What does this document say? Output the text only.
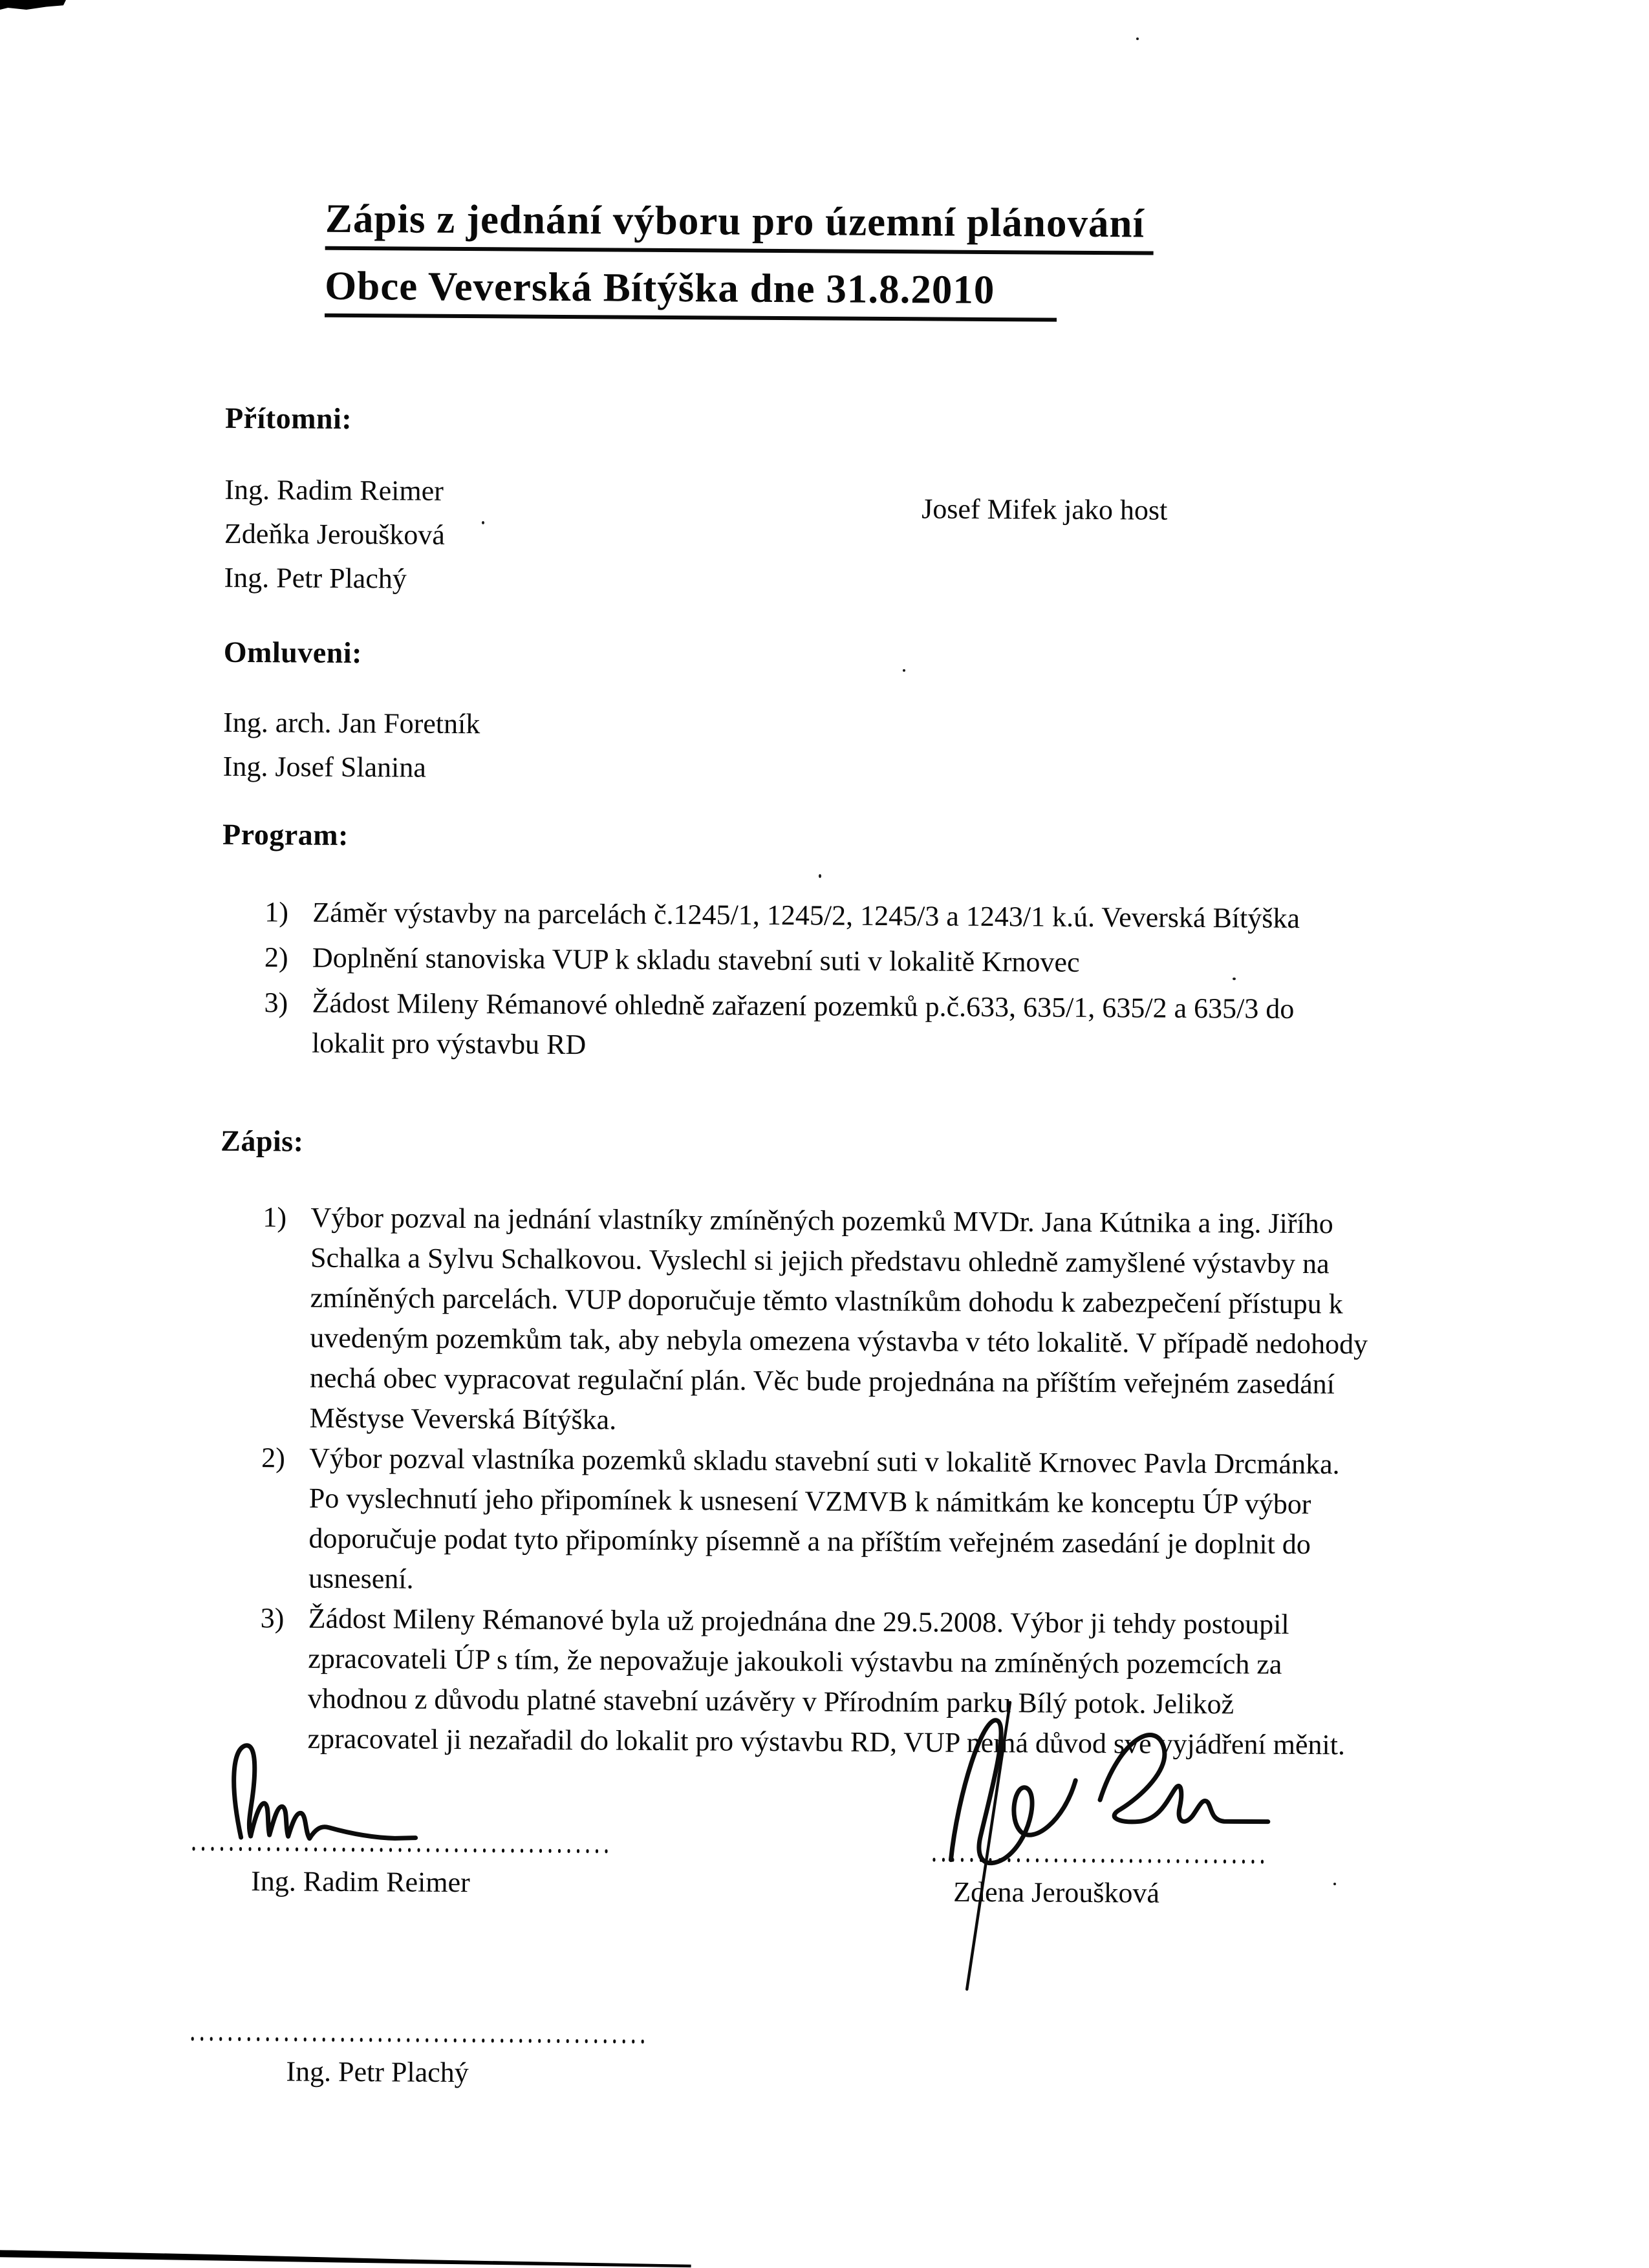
Zápis z jednání výboru pro územní plánování
Obce Veverská Bítýška dne 31.8.2010
Přítomni:
Ing. Radim Reimer
Zdeňka Jeroušková
Ing. Petr Plachý
Josef Mifek jako host
Omluveni:
Ing. arch. Jan Foretník
Ing. Josef Slanina
Program:
1) Záměr výstavby na parcelách č.1245/1, 1245/2, 1245/3 a 1243/1 k.ú. Veverská Bítýška
2) Doplnění stanoviska VUP k skladu stavební suti v lokalitě Krnovec
3) Žádost Mileny Rémanové ohledně zařazení pozemků p.č.633, 635/1, 635/2 a 635/3 do lokalit pro výstavbu RD
Zápis:
1) Výbor pozval na jednání vlastníky zmíněných pozemků MVDr. Jana Kútnika a ing. Jiřího Schalka a Sylvu Schalkovou. Vyslechl si jejich představu ohledně zamyšlené výstavby na zmíněných parcelách. VUP doporučuje těmto vlastníkům dohodu k zabezpečení přístupu k uvedeným pozemkům tak, aby nebyla omezena výstavba v této lokalitě. V případě nedohody nechá obec vypracovat regulační plán. Věc bude projednána na příštím veřejném zasedání Městyse Veverská Bítýška.
2) Výbor pozval vlastníka pozemků skladu stavební suti v lokalitě Krnovec Pavla Drcmánka. Po vyslechnutí jeho připomínek k usnesení VZMVB k námitkám ke konceptu ÚP výbor doporučuje podat tyto připomínky písemně a na příštím veřejném zasedání je doplnit do usnesení.
3) Žádost Mileny Rémanové byla už projednána dne 29.5.2008. Výbor ji tehdy postoupil zpracovateli ÚP s tím, že nepovažuje jakoukoli výstavbu na zmíněných pozemcích za vhodnou z důvodu platné stavební uzávěry v Přírodním parku Bílý potok. Jelikož zpracovatel ji nezařadil do lokalit pro výstavbu RD, VUP nemá důvod své vyjádření měnit.
Ing. Radim Reimer	Zdena Jeroušková
Ing. Petr Plachý
